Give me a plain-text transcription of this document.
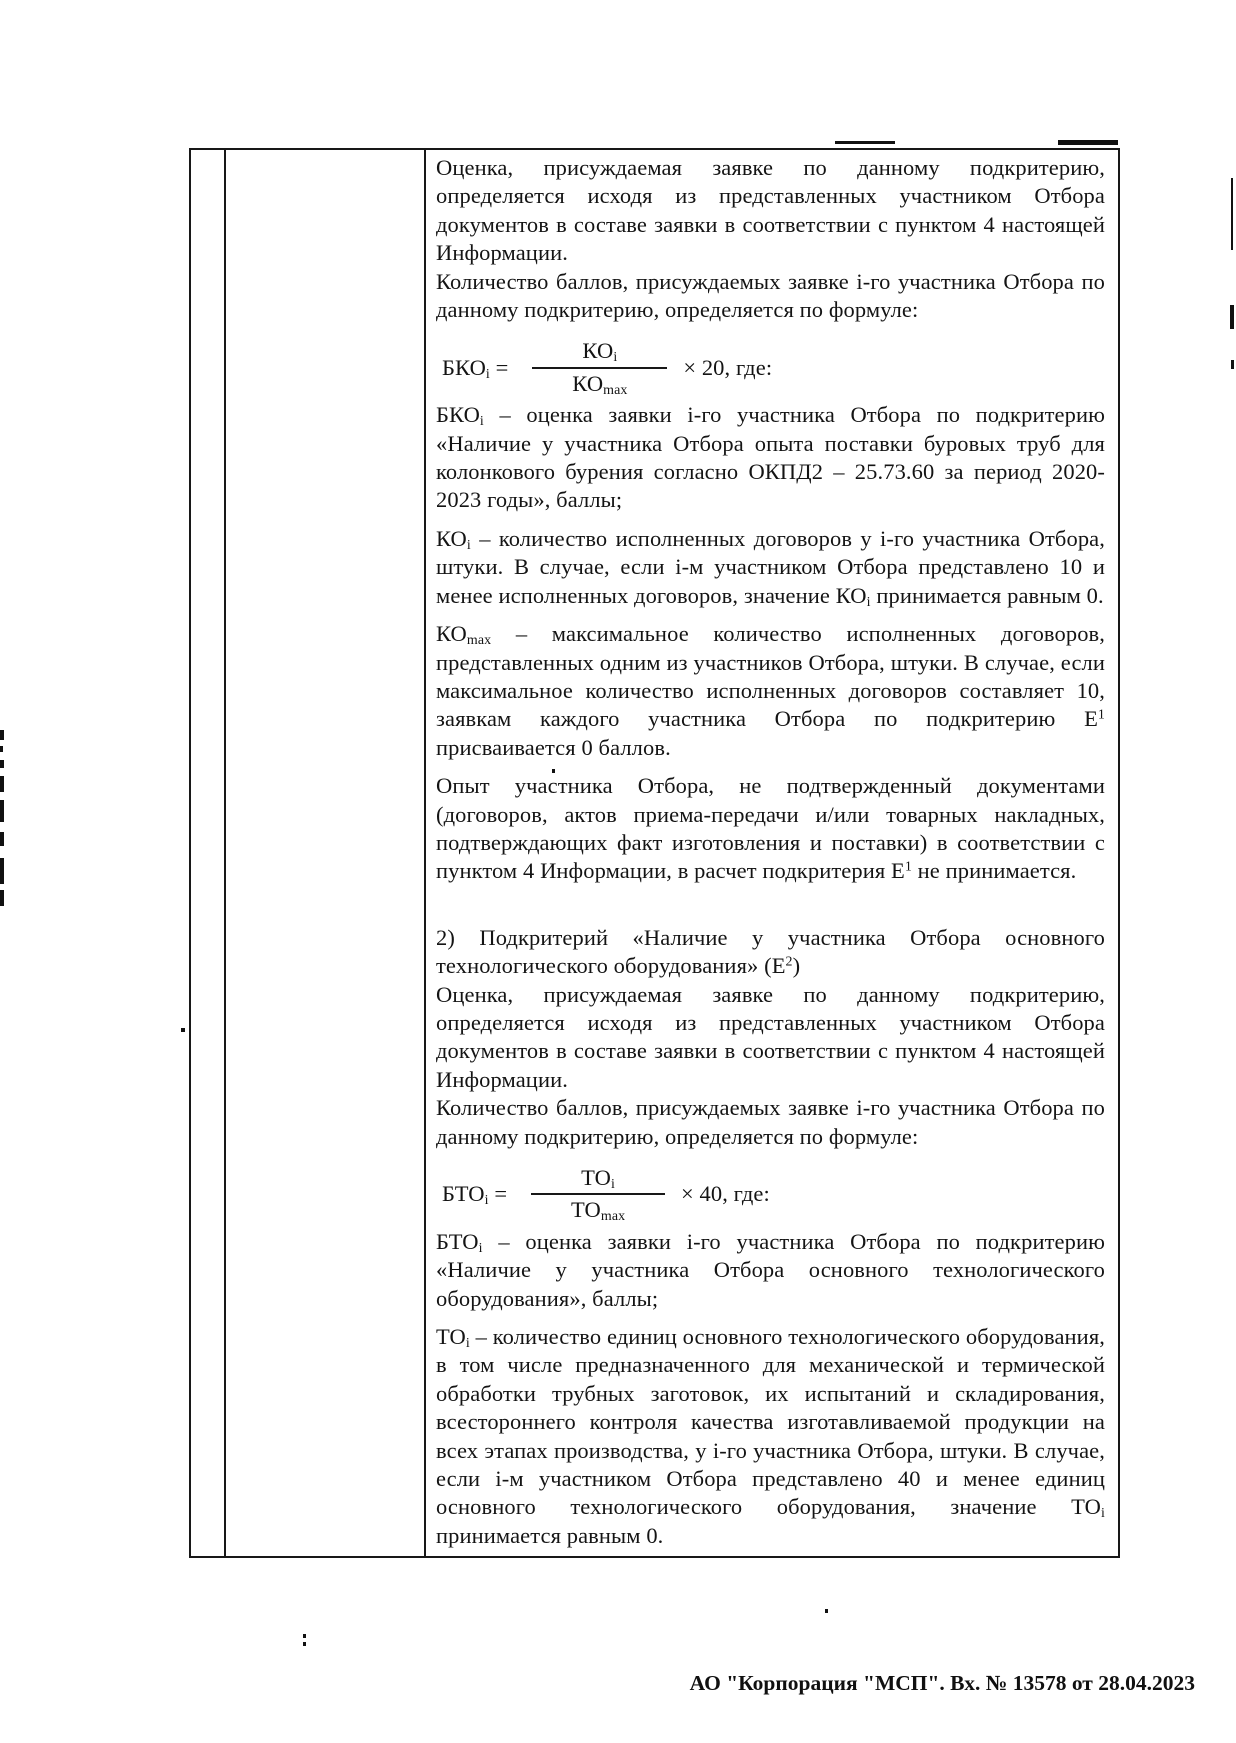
Оценка, присуждаемая заявке по данному подкритерию, определяется исходя из представленных участником Отбора документов в составе заявки в соответствии с пунктом 4 настоящей Информации.

Количество баллов, присуждаемых заявке i-го участника Отбора по данному подкритерию, определяется по формуле:

$БКО_i = \frac{КО_i}{КО_{max}} \times 20$, где:

$БКО_i$ – оценка заявки i-го участника Отбора по подкритерию «Наличие у участника Отбора опыта поставки буровых труб для колонкового бурения согласно ОКПД2 – 25.73.60 за период 2020-2023 годы», баллы;

$КО_i$ – количество исполненных договоров у i-го участника Отбора, штуки. В случае, если i-м участником Отбора представлено 10 и менее исполненных договоров, значение $КО_i$ принимается равным 0.

$КО_{max}$ – максимальное количество исполненных договоров, представленных одним из участников Отбора, штуки. В случае, если максимальное количество исполненных договоров составляет 10, заявкам каждого участника Отбора по подкритерию $Е^1$ присваивается 0 баллов.

Опыт участника Отбора, не подтвержденный документами (договоров, актов приема-передачи и/или товарных накладных, подтверждающих факт изготовления и поставки) в соответствии с пунктом 4 Информации, в расчет подкритерия $Е^1$ не принимается.

2) Подкритерий «Наличие у участника Отбора основного технологического оборудования» $(Е^2)$

Оценка, присуждаемая заявке по данному подкритерию, определяется исходя из представленных участником Отбора документов в составе заявки в соответствии с пунктом 4 настоящей Информации.

Количество баллов, присуждаемых заявке i-го участника Отбора по данному подкритерию, определяется по формуле:

$БТО_i = \frac{ТО_i}{ТО_{max}} \times 40$, где:

$БТО_i$ – оценка заявки i-го участника Отбора по подкритерию «Наличие у участника Отбора основного технологического оборудования», баллы;

$ТО_i$ – количество единиц основного технологического оборудования, в том числе предназначенного для механической и термической обработки трубных заготовок, их испытаний и складирования, всестороннего контроля качества изготавливаемой продукции на всех этапах производства, у i-го участника Отбора, штуки. В случае, если i-м участником Отбора представлено 40 и менее единиц основного технологического оборудования, значение $ТО_i$ принимается равным 0.

АО "Корпорация "МСП". Вх. № 13578 от 28.04.2023
